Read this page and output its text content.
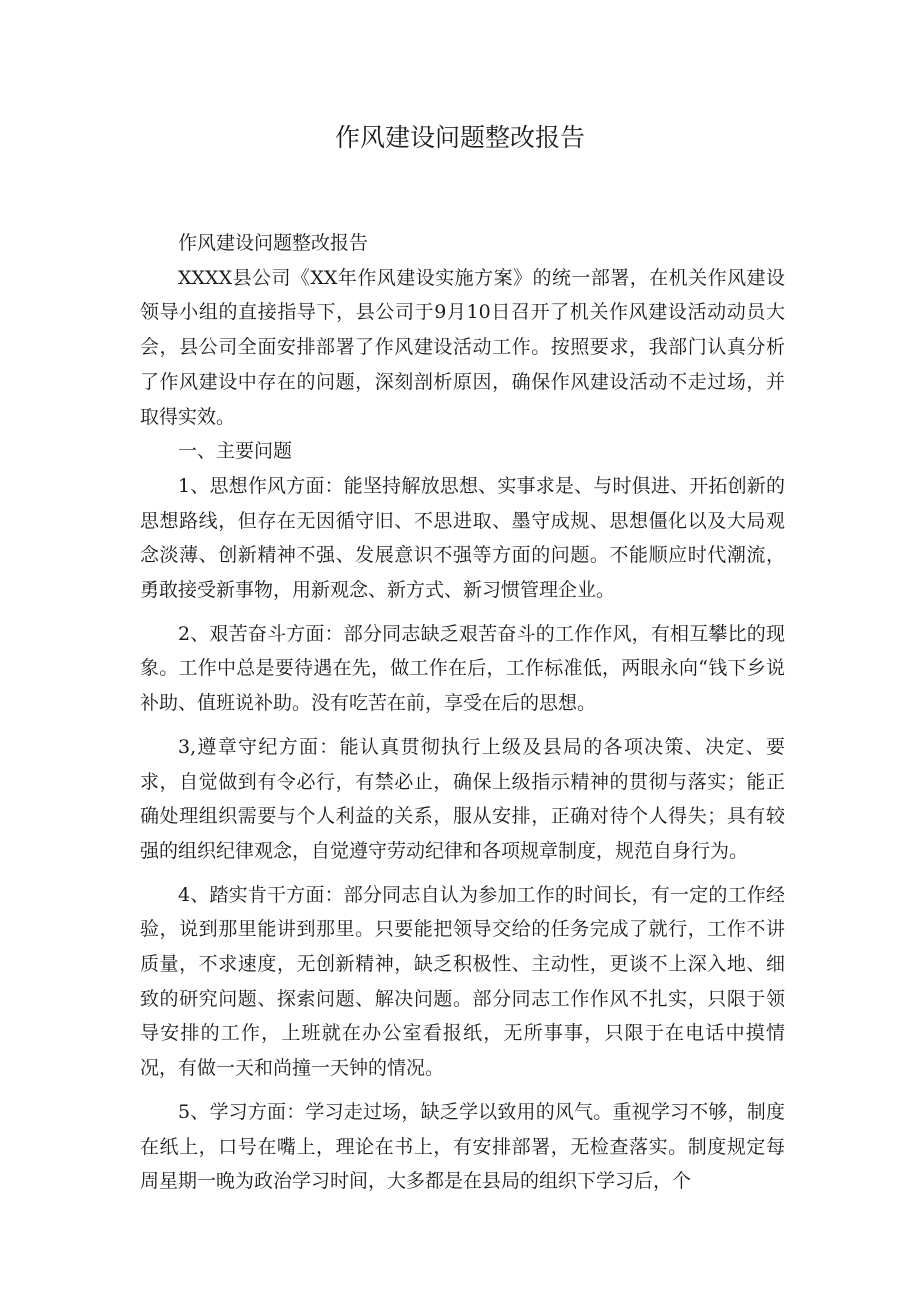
作风建设问题整改报告

作风建设问题整改报告

XXXX县公司《XX年作风建设实施方案》的统一部署，在机关作风建设领导小组的直接指导下，县公司于9月10日召开了机关作风建设活动动员大会，县公司全面安排部署了作风建设活动工作。按照要求，我部门认真分析了作风建设中存在的问题，深刻剖析原因，确保作风建设活动不走过场，并取得实效。

一、主要问题

1、思想作风方面：能坚持解放思想、实事求是、与时俱进、开拓创新的思想路线，但存在无因循守旧、不思进取、墨守成规、思想僵化以及大局观念淡薄、创新精神不强、发展意识不强等方面的问题。不能顺应时代潮流，勇敢接受新事物，用新观念、新方式、新习惯管理企业。

2、艰苦奋斗方面：部分同志缺乏艰苦奋斗的工作作风，有相互攀比的现象。工作中总是要待遇在先，做工作在后，工作标准低，两眼永向“钱下乡说补助、值班说补助。没有吃苦在前，享受在后的思想。

3,遵章守纪方面：能认真贯彻执行上级及县局的各项决策、决定、要求，自觉做到有令必行，有禁必止，确保上级指示精神的贯彻与落实；能正确处理组织需要与个人利益的关系，服从安排，正确对待个人得失；具有较强的组织纪律观念，自觉遵守劳动纪律和各项规章制度，规范自身行为。

4、踏实肯干方面：部分同志自认为参加工作的时间长，有一定的工作经验，说到那里能讲到那里。只要能把领导交给的任务完成了就行，工作不讲质量，不求速度，无创新精神，缺乏积极性、主动性，更谈不上深入地、细致的研究问题、探索问题、解决问题。部分同志工作作风不扎实，只限于领导安排的工作，上班就在办公室看报纸，无所事事，只限于在电话中摸情况，有做一天和尚撞一天钟的情况。

5、学习方面：学习走过场，缺乏学以致用的风气。重视学习不够，制度在纸上，口号在嘴上，理论在书上，有安排部署，无检查落实。制度规定每周星期一晚为政治学习时间，大多都是在县局的组织下学习后，个
